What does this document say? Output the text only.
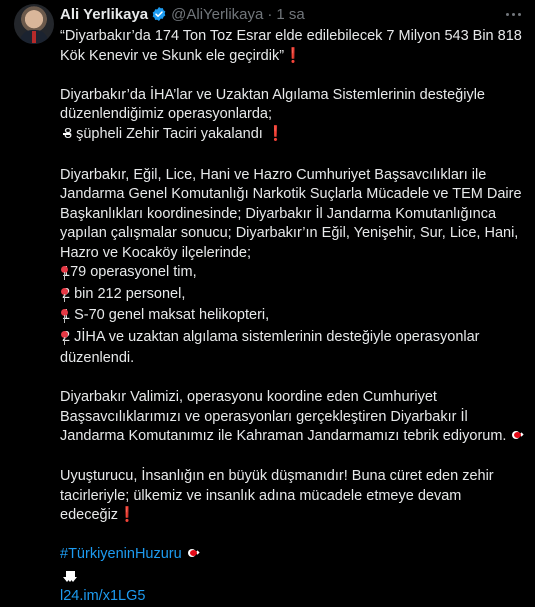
Ali Yerlikaya @AliYerlikaya · 1 sa
“Diyarbakır’da 174 Ton Toz Esrar elde edilebilecek 7 Milyon 543 Bin 818 Kök Kenevir ve Skunk ele geçirdik”❗

Diyarbakır’da İHA’lar ve Uzaktan Algılama Sistemlerinin desteğiyle düzenlendiğimiz operasyonlarda;
8 şüpheli Zehir Taciri yakalandı ❗

Diyarbakır, Eğil, Lice, Hani ve Hazro Cumhuriyet Başsavcılıkları ile Jandarma Genel Komutanlığı Narkotik Suçlarla Mücadele ve TEM Daire Başkanlıkları koordinesinde; Diyarbakır İl Jandarma Komutanlığınca yapılan çalışmalar sonucu; Diyarbakır’ın Eğil, Yenişehir, Sur, Lice, Hani, Hazro ve Kocaköy ilçelerinde;
179 operasyonel tim,
2 bin 212 personel,
1 S-70 genel maksat helikopteri,
2 JİHA ve uzaktan algılama sistemlerinin desteğiyle operasyonlar düzenlendi.

Diyarbakır Valimizi, operasyonu koordine eden Cumhuriyet Başsavcılıklarımızı ve operasyonları gerçekleştiren Diyarbakır İl Jandarma Komutanımız ile Kahraman Jandarmamızı tebrik ediyorum.

Uyuşturucu, İnsanlığın en büyük düşmanıdır! Buna cüret eden zehir tacirleriyle; ülkemiz ve insanlık adına mücadele etmeye devam edeceğiz❗

#TürkiyeninHuzuru

l24.im/x1LG5
